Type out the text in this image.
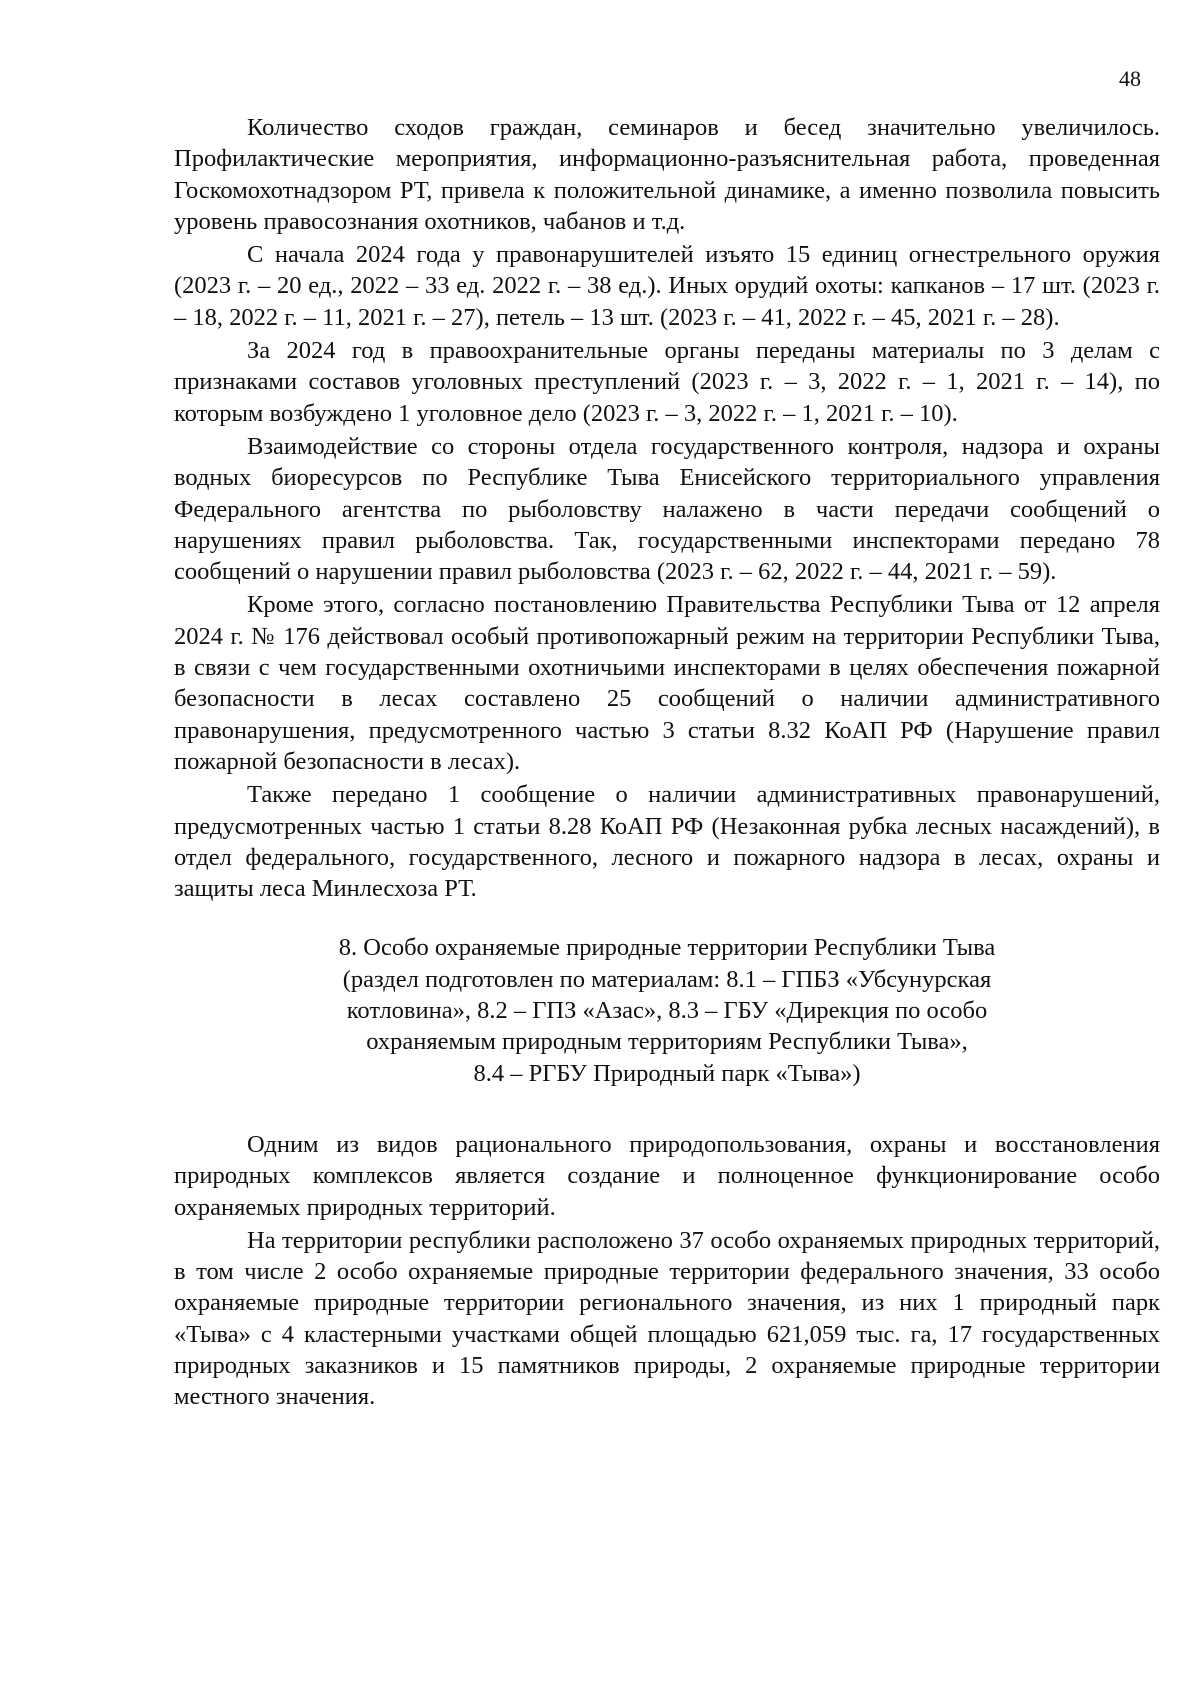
48

Количество сходов граждан, семинаров и бесед значительно увеличилось. Профилактические мероприятия, информационно-разъяснительная работа, проведенная Госкомохотнадзором РТ, привела к положительной динамике, а именно позволила повысить уровень правосознания охотников, чабанов и т.д.

С начала 2024 года у правонарушителей изъято 15 единиц огнестрельного оружия (2023 г. – 20 ед., 2022 – 33 ед. 2022 г. – 38 ед.). Иных орудий охоты: капканов – 17 шт. (2023 г. – 18, 2022 г. – 11, 2021 г. – 27), петель – 13 шт. (2023 г. – 41, 2022 г. – 45, 2021 г. – 28).

За 2024 год в правоохранительные органы переданы материалы по 3 делам с признаками составов уголовных преступлений (2023 г. – 3, 2022 г. – 1, 2021 г. – 14), по которым возбуждено 1 уголовное дело (2023 г. – 3, 2022 г. – 1, 2021 г. – 10).

Взаимодействие со стороны отдела государственного контроля, надзора и охраны водных биоресурсов по Республике Тыва Енисейского территориального управления Федерального агентства по рыболовству налажено в части передачи сообщений о нарушениях правил рыболовства. Так, государственными инспекторами передано 78 сообщений о нарушении правил рыболовства (2023 г. – 62, 2022 г. – 44, 2021 г. – 59).

Кроме этого, согласно постановлению Правительства Республики Тыва от 12 апреля 2024 г. № 176 действовал особый противопожарный режим на территории Республики Тыва, в связи с чем государственными охотничьими инспекторами в целях обеспечения пожарной безопасности в лесах составлено 25 сообщений о наличии административного правонарушения, предусмотренного частью 3 статьи 8.32 КоАП РФ (Нарушение правил пожарной безопасности в лесах).

Также передано 1 сообщение о наличии административных правонарушений, предусмотренных частью 1 статьи 8.28 КоАП РФ (Незаконная рубка лесных насаждений), в отдел федерального, государственного, лесного и пожарного надзора в лесах, охраны и защиты леса Минлесхоза РТ.

8. Особо охраняемые природные территории Республики Тыва
(раздел подготовлен по материалам: 8.1 – ГПБЗ «Убсунурская
котловина», 8.2 – ГПЗ «Азас», 8.3 – ГБУ «Дирекция по особо
охраняемым природным территориям Республики Тыва»,
8.4 – РГБУ Природный парк «Тыва»)

Одним из видов рационального природопользования, охраны и восстановления природных комплексов является создание и полноценное функционирование особо охраняемых природных территорий.

На территории республики расположено 37 особо охраняемых природных территорий, в том числе 2 особо охраняемые природные территории федерального значения, 33 особо охраняемые природные территории регионального значения, из них 1 природный парк «Тыва» с 4 кластерными участками общей площадью 621,059 тыс. га, 17 государственных природных заказников и 15 памятников природы, 2 охраняемые природные территории местного значения.
